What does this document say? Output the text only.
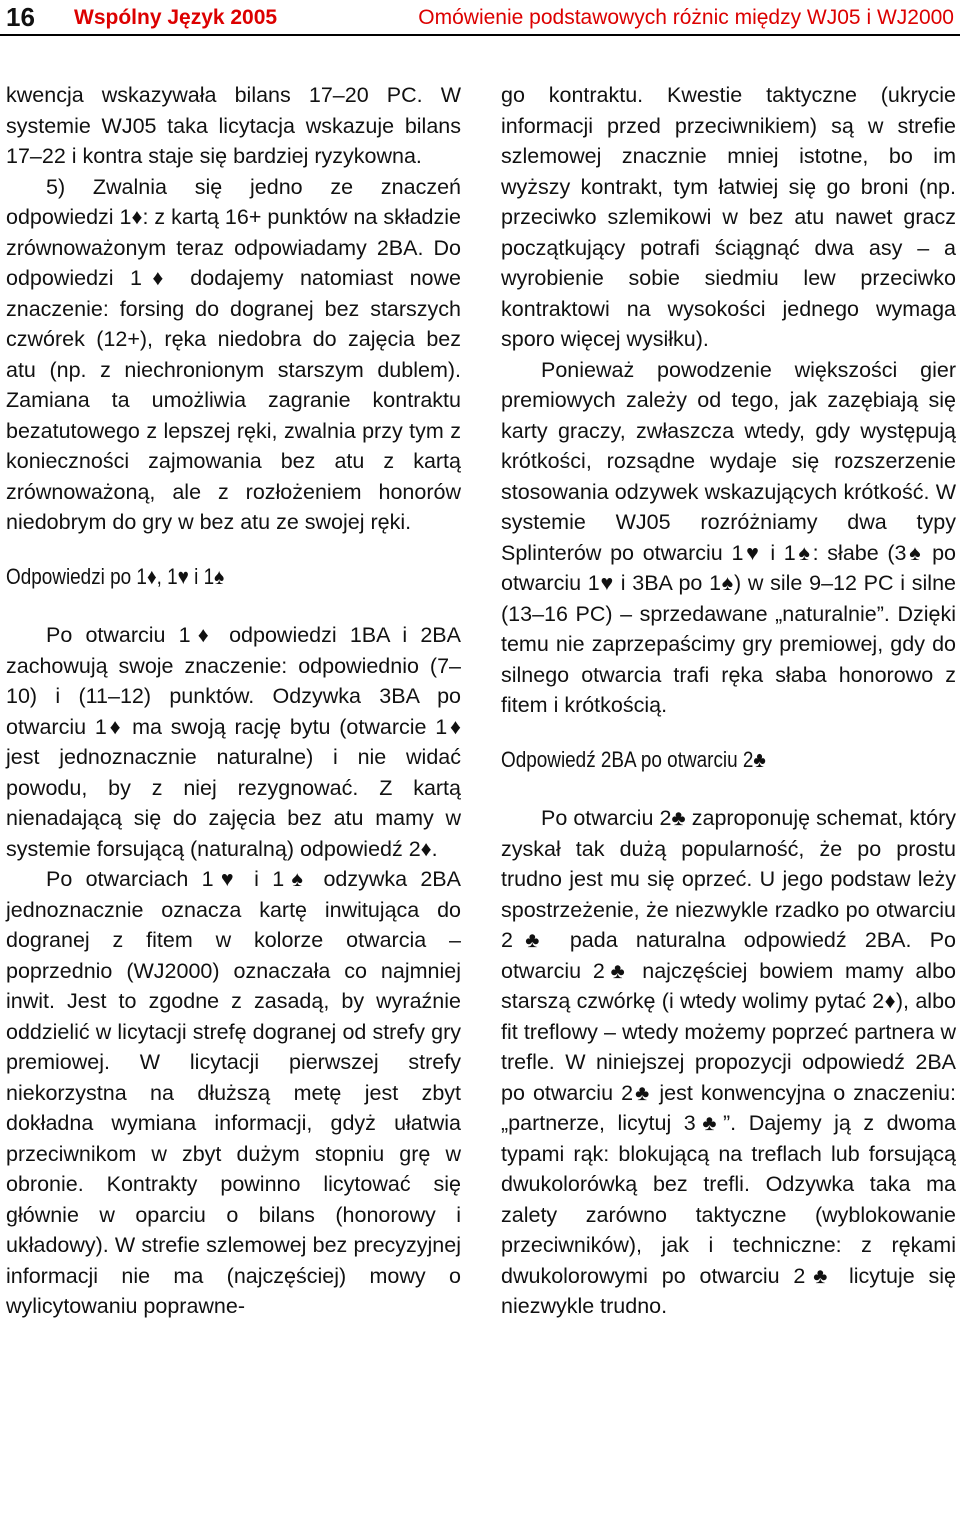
16 Wspólny Język 2005	Omówienie podstawowych różnic między WJ05 i WJ2000

kwencja wskazywała bilans 17–20 PC. W systemie WJ05 taka licytacja wskazuje bilans 17–22 i kontra staje się bardziej ryzykowna.

5) Zwalnia się jedno ze znaczeń odpowiedzi 1♦: z kartą 16+ punktów na składzie zrównoważonym teraz odpowiadamy 2BA. Do odpowiedzi 1♦ dodajemy natomiast nowe znaczenie: forsing do dogranej bez starszych czwórek (12+), ręka niedobra do zajęcia bez atu (np. z niechronionym starszym dublem). Zamiana ta umożliwia zagranie kontraktu bezatutowego z lepszej ręki, zwalnia przy tym z konieczności zajmowania bez atu z kartą zrównoważoną, ale z rozłożeniem honorów niedobrym do gry w bez atu ze swojej ręki.

Odpowiedzi po 1♦, 1♥ i 1♠

Po otwarciu 1♦ odpowiedzi 1BA i 2BA zachowują swoje znaczenie: odpowiednio (7–10) i (11–12) punktów. Odzywka 3BA po otwarciu 1♦ ma swoją rację bytu (otwarcie 1♦ jest jednoznacznie naturalne) i nie widać powodu, by z niej rezygnować. Z kartą nienadającą się do zajęcia bez atu mamy w systemie forsującą (naturalną) odpowiedź 2♦.

Po otwarciach 1♥ i 1♠ odzywka 2BA jednoznacznie oznacza kartę inwitująca do dogranej z fitem w kolorze otwarcia – poprzednio (WJ2000) oznaczała co najmniej inwit. Jest to zgodne z zasadą, by wyraźnie oddzielić w licytacji strefę dogranej od strefy gry premiowej. W licytacji pierwszej strefy niekorzystna na dłuższą metę jest zbyt dokładna wymiana informacji, gdyż ułatwia przeciwnikom w zbyt dużym stopniu grę w obronie. Kontrakty powinno licytować się głównie w oparciu o bilans (honorowy i układowy). W strefie szlemowej bez precyzyjnej informacji nie ma (najczęściej) mowy o wylicytowaniu poprawne-

go kontraktu. Kwestie taktyczne (ukrycie informacji przed przeciwnikiem) są w strefie szlemowej znacznie mniej istotne, bo im wyższy kontrakt, tym łatwiej się go broni (np. przeciwko szlemikowi w bez atu nawet gracz początkujący potrafi ściągnąć dwa asy – a wyrobienie sobie siedmiu lew przeciwko kontraktowi na wysokości jednego wymaga sporo więcej wysiłku).

Ponieważ powodzenie większości gier premiowych zależy od tego, jak zazębiają się karty graczy, zwłaszcza wtedy, gdy występują krótkości, rozsądne wydaje się rozszerzenie stosowania odzywek wskazujących krótkość. W systemie WJ05 rozróżniamy dwa typy Splinterów po otwarciu 1♥ i 1♠: słabe (3♠ po otwarciu 1♥ i 3BA po 1♠) w sile 9–12 PC i silne (13–16 PC) – sprzedawane „naturalnie”. Dzięki temu nie zaprzepaścimy gry premiowej, gdy do silnego otwarcia trafi ręka słaba honorowo z fitem i krótkością.

Odpowiedź 2BA po otwarciu 2♣

Po otwarciu 2♣ zaproponuję schemat, który zyskał tak dużą popularność, że po prostu trudno jest mu się oprzeć. U jego podstaw leży spostrzeżenie, że niezwykle rzadko po otwarciu 2♣ pada naturalna odpowiedź 2BA. Po otwarciu 2♣ najczęściej bowiem mamy albo starszą czwórkę (i wtedy wolimy pytać 2♦), albo fit treflowy – wtedy możemy poprzeć partnera w trefle. W niniejszej propozycji odpowiedź 2BA po otwarciu 2♣ jest konwencyjna o znaczeniu: „partnerze, licytuj 3♣”. Dajemy ją z dwoma typami rąk: blokującą na treflach lub forsującą dwukolorówką bez trefli. Odzywka taka ma zalety zarówno taktyczne (wyblokowanie przeciwników), jak i techniczne: z rękami dwukolorowymi po otwarciu 2♣ licytuje się niezwykle trudno.
